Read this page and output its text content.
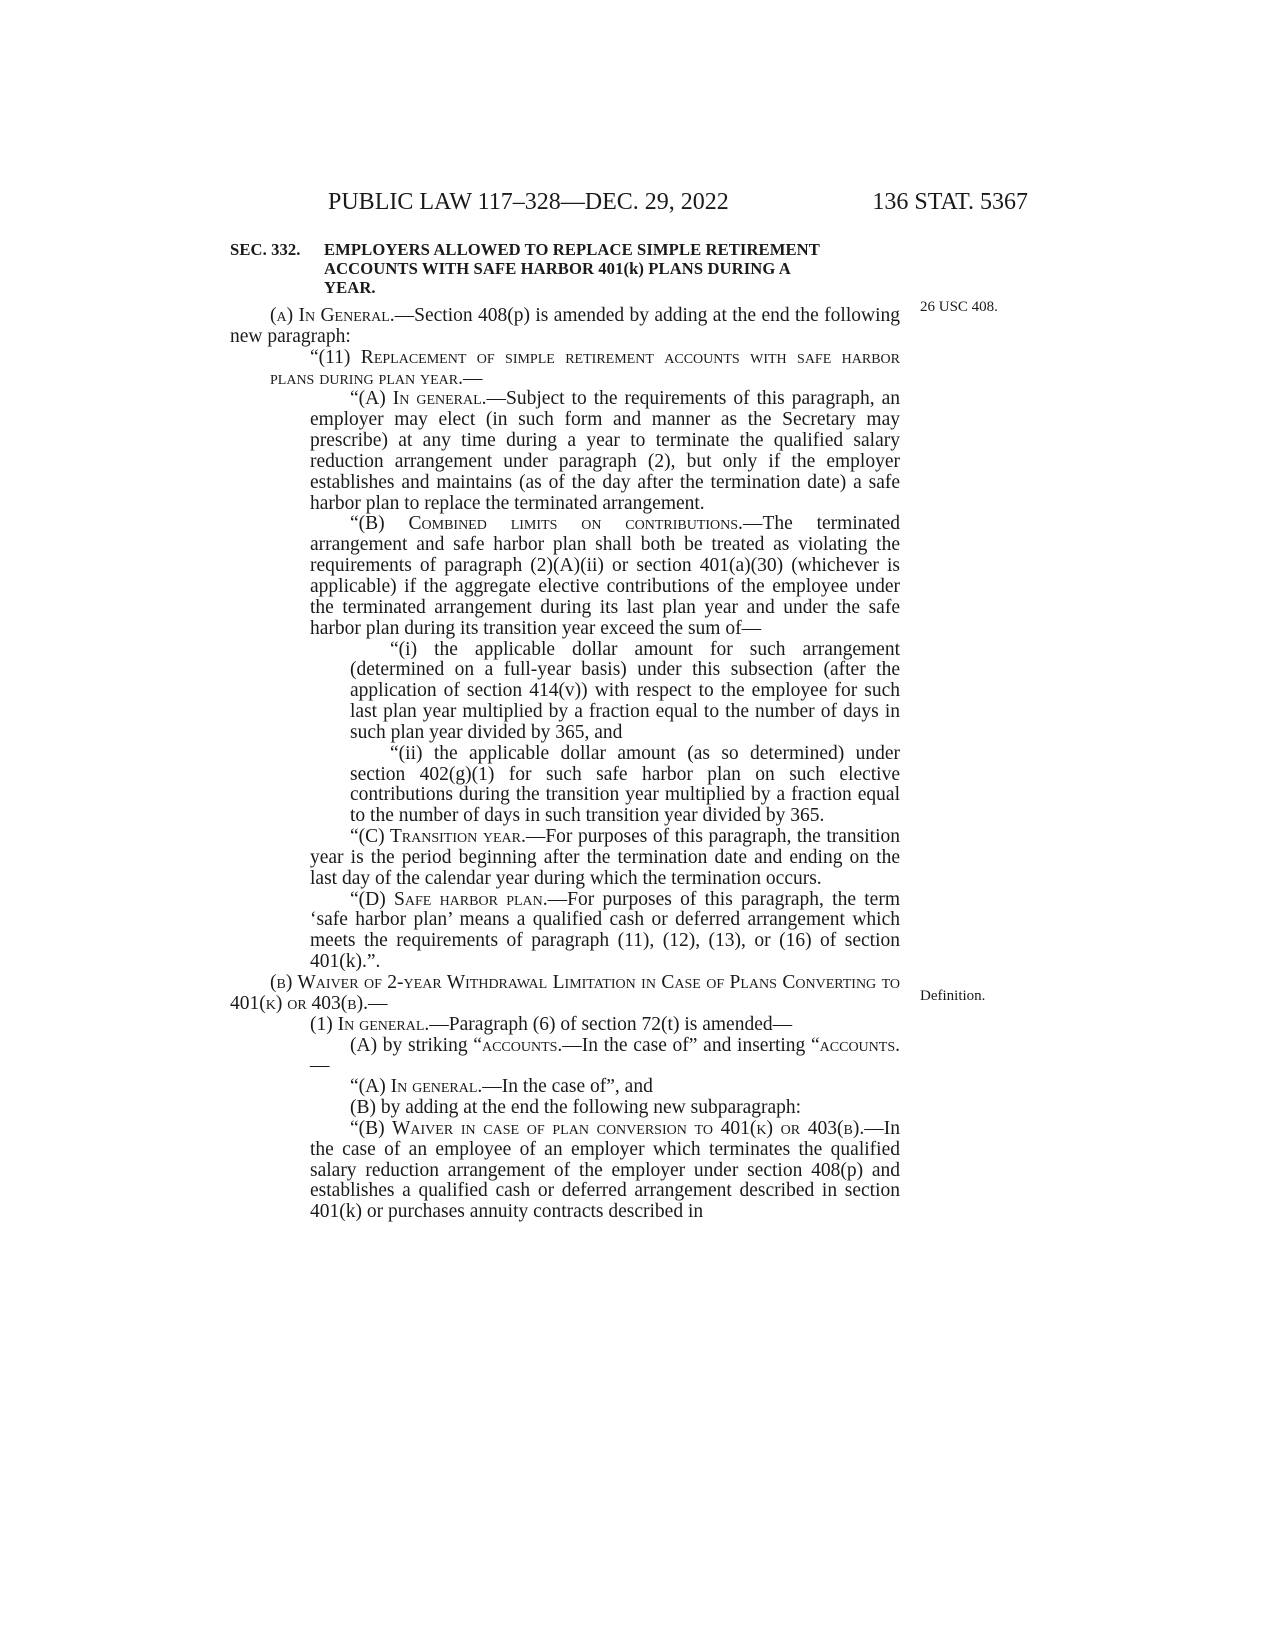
PUBLIC LAW 117–328—DEC. 29, 2022	136 STAT. 5367
SEC. 332. EMPLOYERS ALLOWED TO REPLACE SIMPLE RETIREMENT
ACCOUNTS WITH SAFE HARBOR 401(k) PLANS DURING A
YEAR.
26 USC 408.
Definition.

(a) In General.—Section 408(p) is amended by adding at the end the following new paragraph:

“(11) Replacement of simple retirement accounts with safe harbor plans during plan year.—

“(A) In general.—Subject to the requirements of this paragraph, an employer may elect (in such form and manner as the Secretary may prescribe) at any time during a year to terminate the qualified salary reduction arrangement under paragraph (2), but only if the employer establishes and maintains (as of the day after the termination date) a safe harbor plan to replace the terminated arrangement.

“(B) Combined limits on contributions.—The terminated arrangement and safe harbor plan shall both be treated as violating the requirements of paragraph (2)(A)(ii) or section 401(a)(30) (whichever is applicable) if the aggregate elective contributions of the employee under the terminated arrangement during its last plan year and under the safe harbor plan during its transition year exceed the sum of—

“(i) the applicable dollar amount for such arrangement (determined on a full-year basis) under this subsection (after the application of section 414(v)) with respect to the employee for such last plan year multiplied by a fraction equal to the number of days in such plan year divided by 365, and

“(ii) the applicable dollar amount (as so determined) under section 402(g)(1) for such safe harbor plan on such elective contributions during the transition year multiplied by a fraction equal to the number of days in such transition year divided by 365.

“(C) Transition year.—For purposes of this paragraph, the transition year is the period beginning after the termination date and ending on the last day of the calendar year during which the termination occurs.

“(D) Safe harbor plan.—For purposes of this paragraph, the term ‘safe harbor plan’ means a qualified cash or deferred arrangement which meets the requirements of paragraph (11), (12), (13), or (16) of section 401(k).”.

(b) Waiver of 2-year Withdrawal Limitation in Case of Plans Converting to 401(k) or 403(b).—

(1) In general.—Paragraph (6) of section 72(t) is amended—

(A) by striking “accounts.—In the case of” and inserting “accounts.—

“(A) In general.—In the case of”, and

(B) by adding at the end the following new subparagraph:

“(B) Waiver in case of plan conversion to 401(k) or 403(b).—In the case of an employee of an employer which terminates the qualified salary reduction arrangement of the employer under section 408(p) and establishes a qualified cash or deferred arrangement described in section 401(k) or purchases annuity contracts described in
